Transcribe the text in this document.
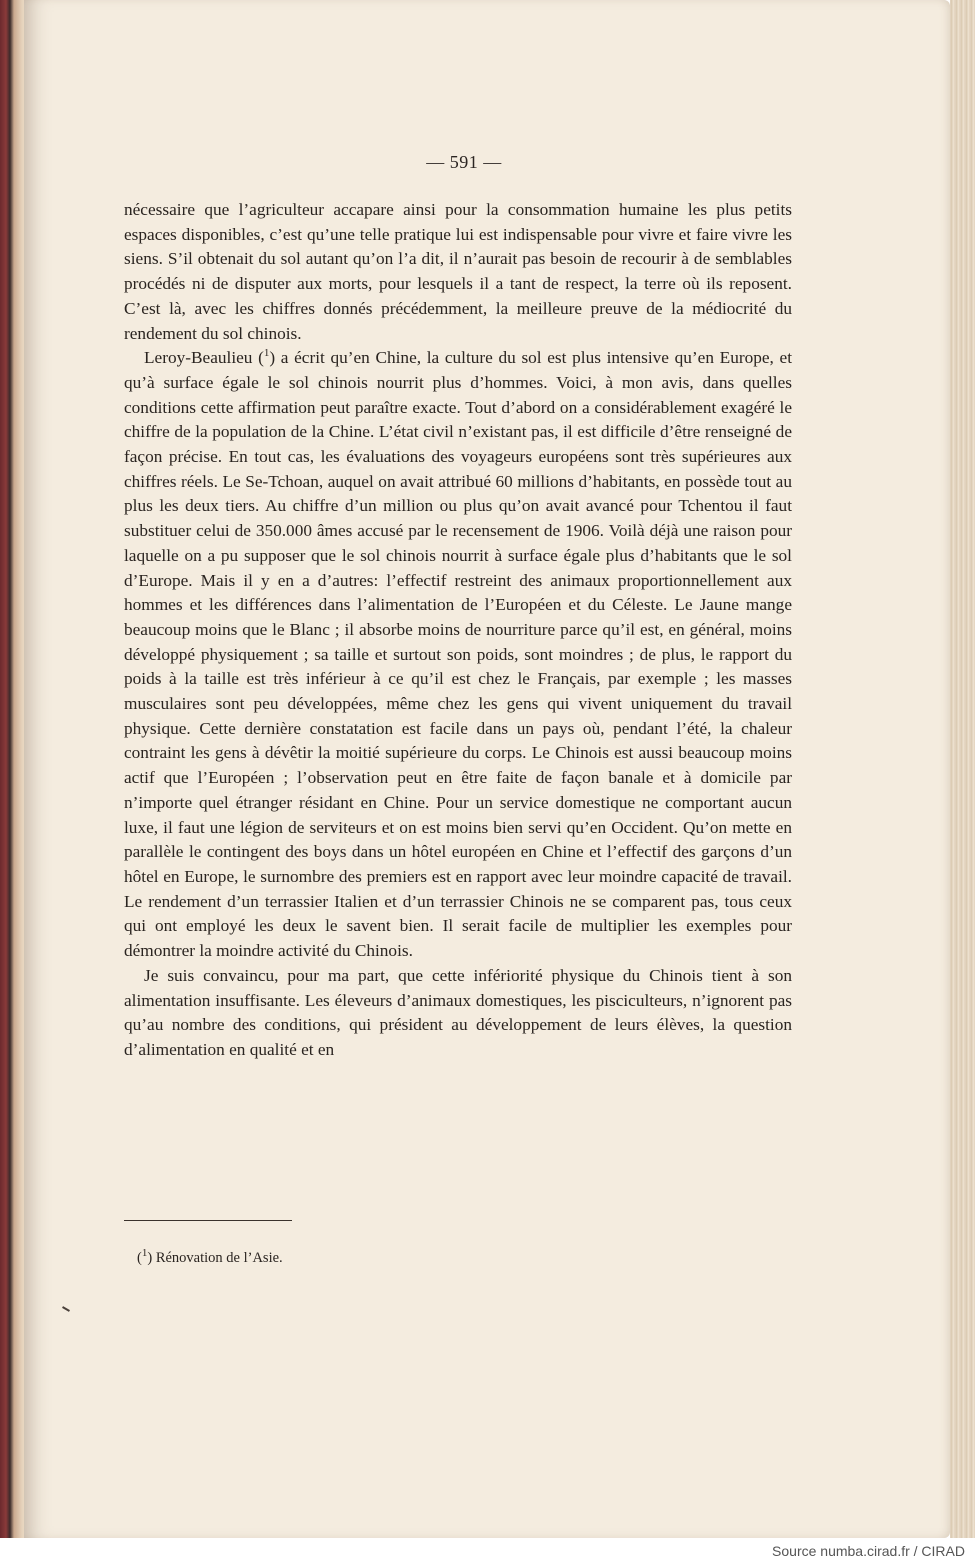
— 591 —

nécessaire que l’agriculteur accapare ainsi pour la consommation humaine les plus petits espaces disponibles, c’est qu’une telle pratique lui est indispensable pour vivre et faire vivre les siens. S’il obtenait du sol autant qu’on l’a dit, il n’aurait pas besoin de recourir à de semblables procédés ni de disputer aux morts, pour lesquels il a tant de respect, la terre où ils reposent. C’est là, avec les chiffres donnés précédemment, la meilleure preuve de la médiocrité du rendement du sol chinois.

Leroy-Beaulieu ($^1$) a écrit qu’en Chine, la culture du sol est plus intensive qu’en Europe, et qu’à surface égale le sol chinois nourrit plus d’hommes. Voici, à mon avis, dans quelles conditions cette affirmation peut paraître exacte. Tout d’abord on a considérablement exagéré le chiffre de la population de la Chine. L’état civil n’existant pas, il est difficile d’être renseigné de façon précise. En tout cas, les évaluations des voyageurs européens sont très supérieures aux chiffres réels. Le Se-Tchoan, auquel on avait attribué 60 millions d’habitants, en possède tout au plus les deux tiers. Au chiffre d’un million ou plus qu’on avait avancé pour Tchentou il faut substituer celui de 350.000 âmes accusé par le recensement de 1906. Voilà déjà une raison pour laquelle on a pu supposer que le sol chinois nourrit à surface égale plus d’habitants que le sol d’Europe. Mais il y en a d’autres: l’effectif restreint des animaux proportionnellement aux hommes et les différences dans l’alimentation de l’Européen et du Céleste. Le Jaune mange beaucoup moins que le Blanc ; il absorbe moins de nourriture parce qu’il est, en général, moins développé physiquement ; sa taille et surtout son poids, sont moindres ; de plus, le rapport du poids à la taille est très inférieur à ce qu’il est chez le Français, par exemple ; les masses musculaires sont peu développées, même chez les gens qui vivent uniquement du travail physique. Cette dernière constatation est facile dans un pays où, pendant l’été, la chaleur contraint les gens à dévêtir la moitié supérieure du corps. Le Chinois est aussi beaucoup moins actif que l’Européen ; l’observation peut en être faite de façon banale et à domicile par n’importe quel étranger résidant en Chine. Pour un service domestique ne comportant aucun luxe, il faut une légion de serviteurs et on est moins bien servi qu’en Occident. Qu’on mette en parallèle le contingent des boys dans un hôtel européen en Chine et l’effectif des garçons d’un hôtel en Europe, le surnombre des premiers est en rapport avec leur moindre capacité de travail. Le rendement d’un terrassier Italien et d’un terrassier Chinois ne se comparent pas, tous ceux qui ont employé les deux le savent bien. Il serait facile de multiplier les exemples pour démontrer la moindre activité du Chinois.

Je suis convaincu, pour ma part, que cette infériorité physique du Chinois tient à son alimentation insuffisante. Les éleveurs d’animaux domestiques, les pisciculteurs, n’ignorent pas qu’au nombre des conditions, qui président au développement de leurs élèves, la question d’alimentation en qualité et en

($^1$) Rénovation de l’Asie.
Source numba.cirad.fr / CIRAD
